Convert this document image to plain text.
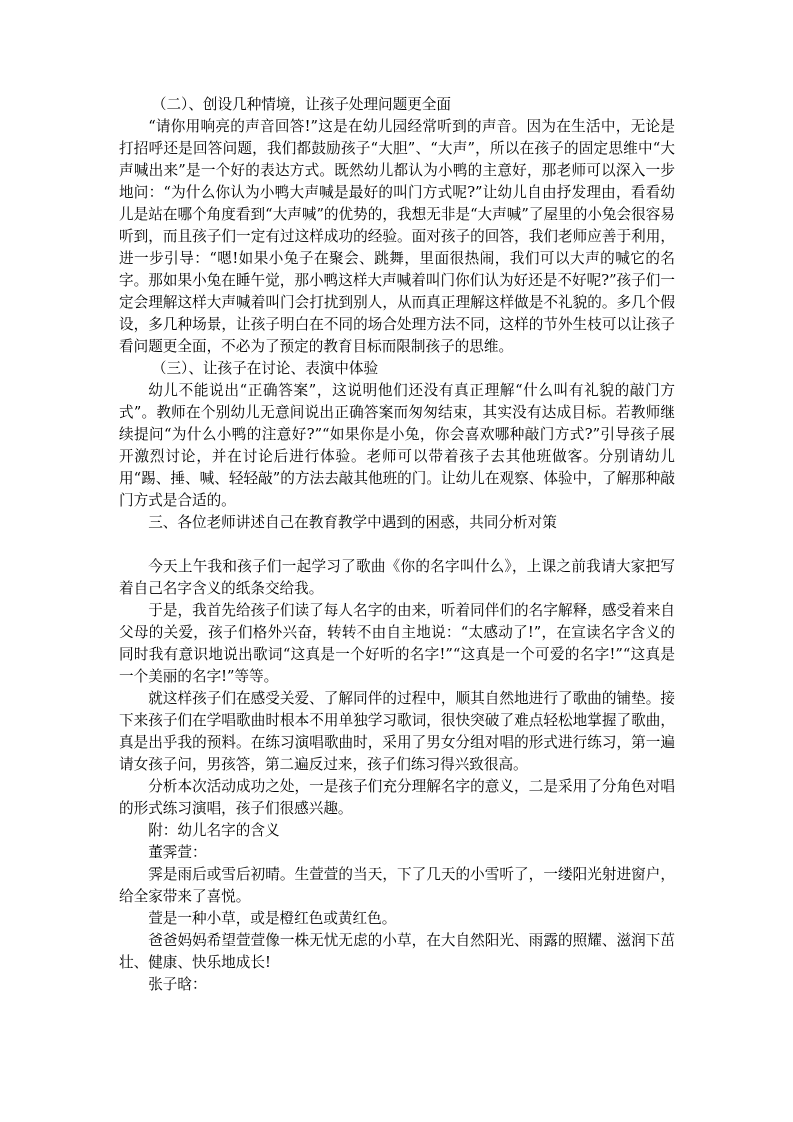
（二）、创设几种情境，让孩子处理问题更全面

“请你用响亮的声音回答!”这是在幼儿园经常听到的声音。因为在生活中，无论是打招呼还是回答问题，我们都鼓励孩子“大胆”、“大声”，所以在孩子的固定思维中“大声喊出来”是一个好的表达方式。既然幼儿都认为小鸭的主意好，那老师可以深入一步地问：“为什么你认为小鸭大声喊是最好的叫门方式呢?”让幼儿自由抒发理由，看看幼儿是站在哪个角度看到“大声喊”的优势的，我想无非是“大声喊”了屋里的小兔会很容易听到，而且孩子们一定有过这样成功的经验。面对孩子的回答，我们老师应善于利用，进一步引导：“嗯!如果小兔子在聚会、跳舞，里面很热闹，我们可以大声的喊它的名字。那如果小兔在睡午觉，那小鸭这样大声喊着叫门你们认为好还是不好呢?”孩子们一定会理解这样大声喊着叫门会打扰到别人，从而真正理解这样做是不礼貌的。多几个假设，多几种场景，让孩子明白在不同的场合处理方法不同，这样的节外生枝可以让孩子看问题更全面，不必为了预定的教育目标而限制孩子的思维。

（三）、让孩子在讨论、表演中体验

幼儿不能说出“正确答案”，这说明他们还没有真正理解“什么叫有礼貌的敲门方式”。教师在个别幼儿无意间说出正确答案而匆匆结束，其实没有达成目标。若教师继续提问“为什么小鸭的注意好?”“如果你是小兔，你会喜欢哪种敲门方式?”引导孩子展开激烈讨论，并在讨论后进行体验。老师可以带着孩子去其他班做客。分别请幼儿用“踢、捶、喊、轻轻敲”的方法去敲其他班的门。让幼儿在观察、体验中，了解那种敲门方式是合适的。

三、各位老师讲述自己在教育教学中遇到的困惑，共同分析对策

今天上午我和孩子们一起学习了歌曲《你的名字叫什么》，上课之前我请大家把写着自己名字含义的纸条交给我。

于是，我首先给孩子们读了每人名字的由来，听着同伴们的名字解释，感受着来自父母的关爱，孩子们格外兴奋，转转不由自主地说：“太感动了!”，在宣读名字含义的同时我有意识地说出歌词“这真是一个好听的名字!”“这真是一个可爱的名字!”“这真是一个美丽的名字!”等等。

就这样孩子们在感受关爱、了解同伴的过程中，顺其自然地进行了歌曲的铺垫。接下来孩子们在学唱歌曲时根本不用单独学习歌词，很快突破了难点轻松地掌握了歌曲，真是出乎我的预料。在练习演唱歌曲时，采用了男女分组对唱的形式进行练习，第一遍请女孩子问，男孩答，第二遍反过来，孩子们练习得兴致很高。

分析本次活动成功之处，一是孩子们充分理解名字的意义，二是采用了分角色对唱的形式练习演唱，孩子们很感兴趣。

附：幼儿名字的含义

董霁萱：

霁是雨后或雪后初晴。生萱萱的当天，下了几天的小雪听了，一缕阳光射进窗户，给全家带来了喜悦。

萱是一种小草，或是橙红色或黄红色。

爸爸妈妈希望萱萱像一株无忧无虑的小草，在大自然阳光、雨露的照耀、滋润下茁壮、健康、快乐地成长!

张子晗：
